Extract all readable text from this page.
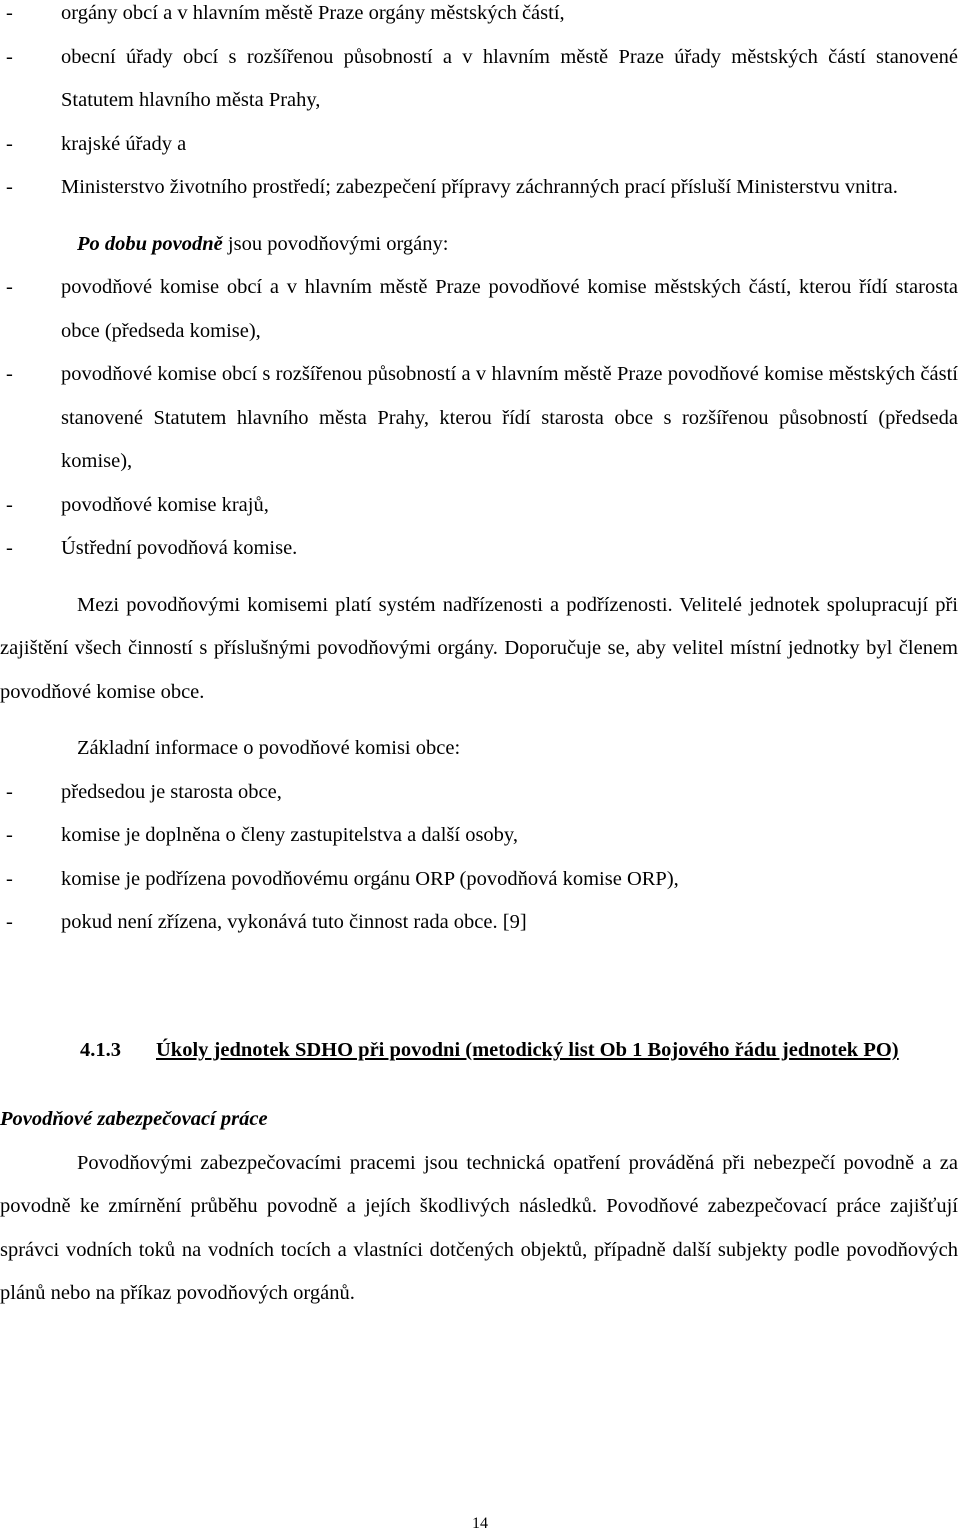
- orgány obcí a v hlavním městě Praze orgány městských částí,

- obecní úřady obcí s rozšířenou působností a v hlavním městě Praze úřady městských částí stanovené Statutem hlavního města Prahy,

- krajské úřady a

- Ministerstvo životního prostředí; zabezpečení přípravy záchranných prací přísluší Ministerstvu vnitra.

Po dobu povodně jsou povodňovými orgány:

- povodňové komise obcí a v hlavním městě Praze povodňové komise městských částí, kterou řídí starosta obce (předseda komise),

- povodňové komise obcí s rozšířenou působností a v hlavním městě Praze povodňové komise městských částí stanovené Statutem hlavního města Prahy, kterou řídí starosta obce s rozšířenou působností (předseda komise),

- povodňové komise krajů,

- Ústřední povodňová komise.

Mezi povodňovými komisemi platí systém nadřízenosti a podřízenosti. Velitelé jednotek spolupracují při zajištění všech činností s příslušnými povodňovými orgány. Doporučuje se, aby velitel místní jednotky byl členem povodňové komise obce.

Základní informace o povodňové komisi obce:

- předsedou je starosta obce,

- komise je doplněna o členy zastupitelstva a další osoby,

- komise je podřízena povodňovému orgánu ORP (povodňová komise ORP),

- pokud není zřízena, vykonává tuto činnost rada obce. [9]

4.1.3 Úkoly jednotek SDHO při povodni (metodický list Ob 1 Bojového řádu jednotek PO)

Povodňové zabezpečovací práce

Povodňovými zabezpečovacími pracemi jsou technická opatření prováděná při nebezpečí povodně a za povodně ke zmírnění průběhu povodně a jejích škodlivých následků. Povodňové zabezpečovací práce zajišťují správci vodních toků na vodních tocích a vlastníci dotčených objektů, případně další subjekty podle povodňových plánů nebo na příkaz povodňových orgánů.

14
